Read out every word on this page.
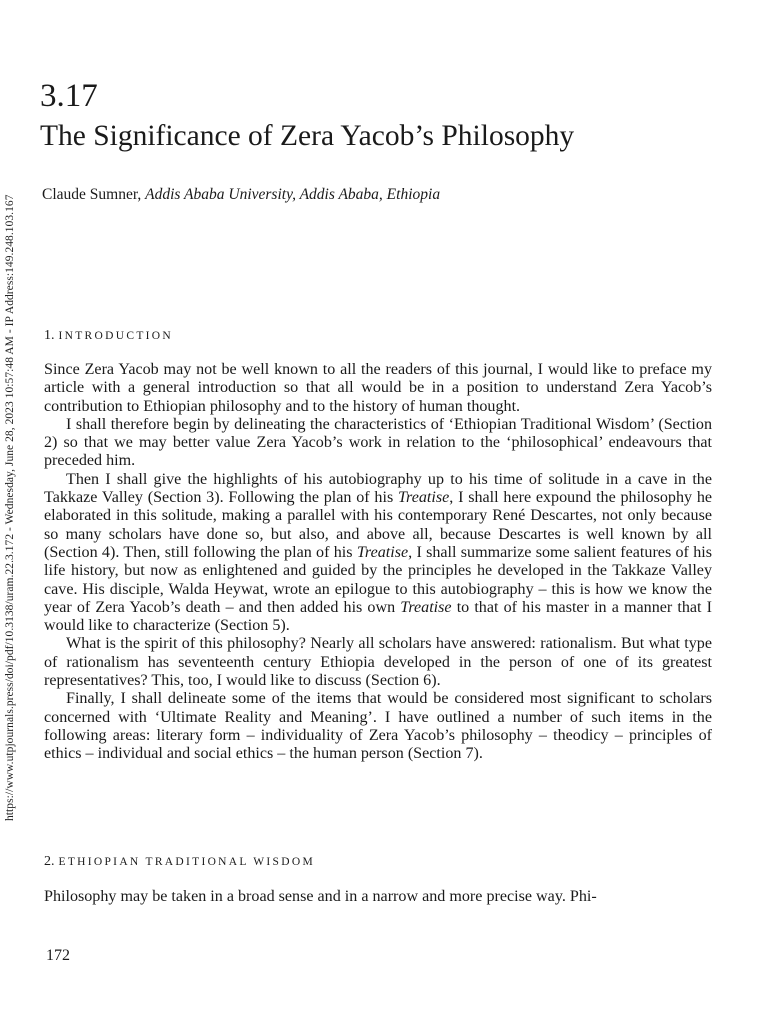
https://www.utpjournals.press/doi/pdf/10.3138/uram.22.3.172 - Wednesday, June 28, 2023 10:57:48 AM - IP Address:149.248.103.167
3.17
The Significance of Zera Yacob’s Philosophy
Claude Sumner, Addis Ababa University, Addis Ababa, Ethiopia
1. INTRODUCTION

Since Zera Yacob may not be well known to all the readers of this journal, I would like to preface my article with a general introduction so that all would be in a position to understand Zera Yacob’s contribution to Ethiopian philosophy and to the history of human thought.

I shall therefore begin by delineating the characteristics of ‘Ethiopian Traditional Wisdom’ (Section 2) so that we may better value Zera Yacob’s work in relation to the ‘philosophical’ endeavours that preceded him.

Then I shall give the highlights of his autobiography up to his time of solitude in a cave in the Takkaze Valley (Section 3). Following the plan of his Treatise, I shall here expound the philosophy he elaborated in this solitude, making a parallel with his contemporary René Descartes, not only because so many scholars have done so, but also, and above all, because Descartes is well known by all (Section 4). Then, still following the plan of his Treatise, I shall summarize some salient features of his life history, but now as enlightened and guided by the principles he developed in the Takkaze Valley cave. His disciple, Walda Heywat, wrote an epilogue to this autobiography – this is how we know the year of Zera Yacob’s death – and then added his own Treatise to that of his master in a manner that I would like to characterize (Section 5).

What is the spirit of this philosophy? Nearly all scholars have answered: rationalism. But what type of rationalism has seventeenth century Ethiopia developed in the person of one of its greatest representatives? This, too, I would like to discuss (Section 6).

Finally, I shall delineate some of the items that would be considered most significant to scholars concerned with ‘Ultimate Reality and Meaning’. I have outlined a number of such items in the following areas: literary form – individuality of Zera Yacob’s philosophy – theodicy – principles of ethics – individual and social ethics – the human person (Section 7).

2. ETHIOPIAN TRADITIONAL WISDOM

Philosophy may be taken in a broad sense and in a narrow and more precise way. Phi-

172
